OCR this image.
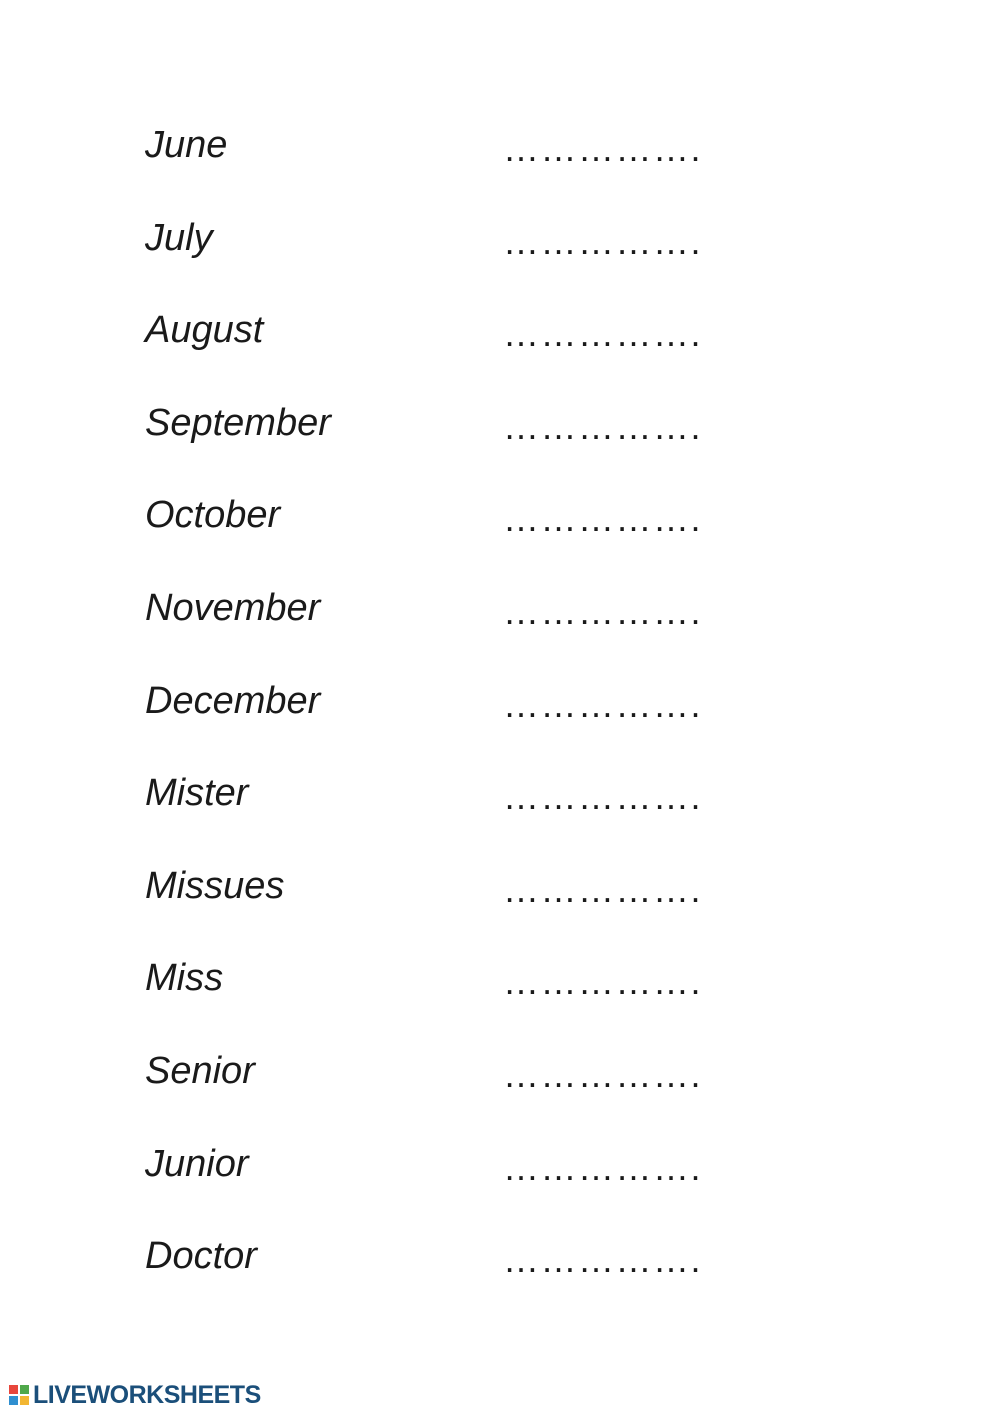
June	…………….
July	…………….
August	…………….
September	…………….
October	…………….
November	…………….
December	…………….
Mister	…………….
Missues	…………….
Miss	…………….
Senior	…………….
Junior	…………….
Doctor	…………….
LIVEWORKSHEETS
